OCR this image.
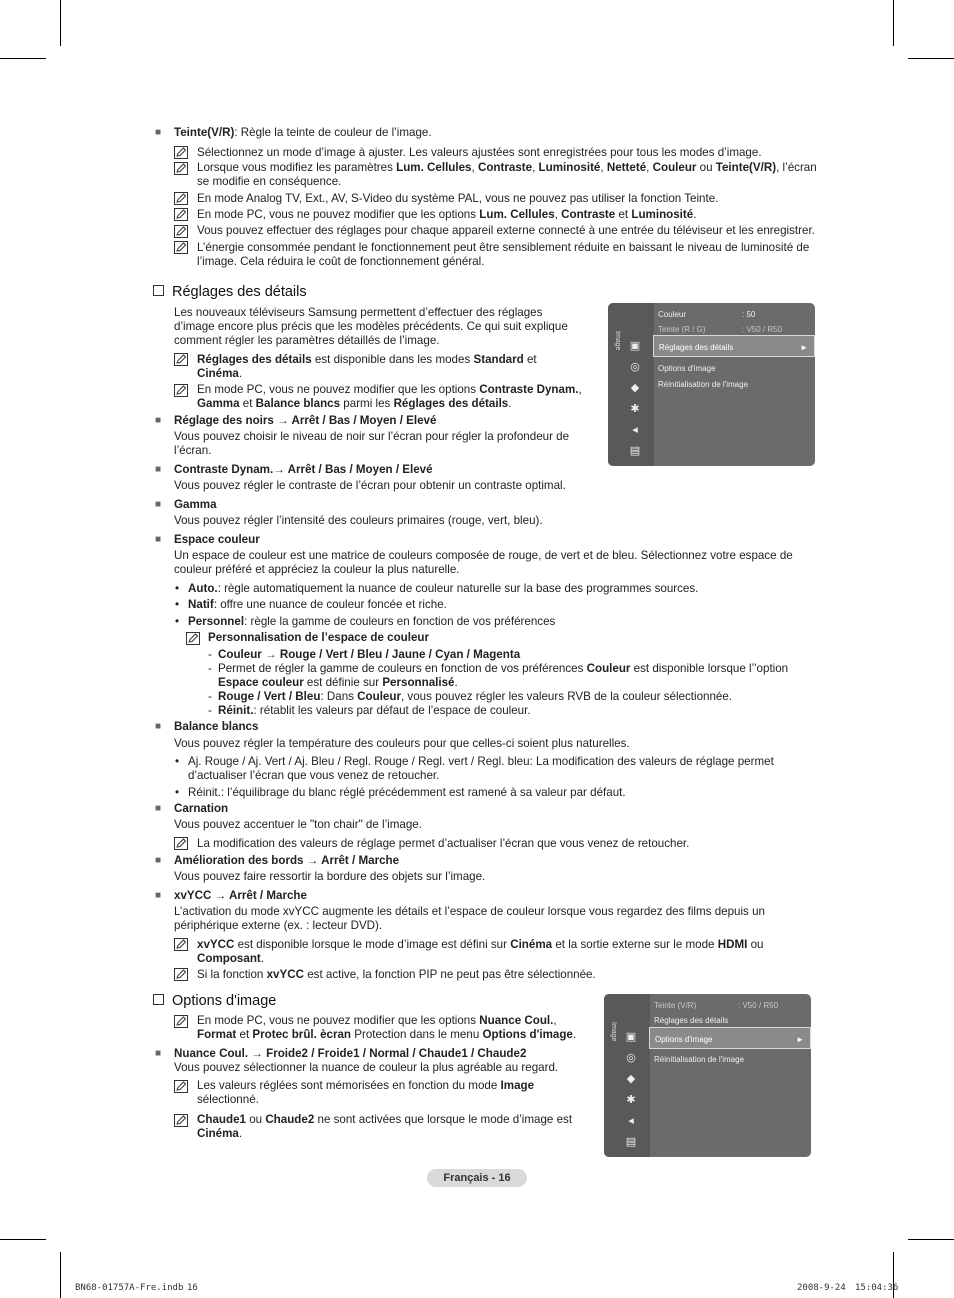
■ Teinte(V/R): Règle la teinte de couleur de l’image.
Sélectionnez un mode d’image à ajuster. Les valeurs ajustées sont enregistrées pour tous les modes d’image.
Lorsque vous modifiez les paramètres Lum. Cellules, Contraste, Luminosité, Netteté, Couleur ou Teinte(V/R), l’écran
se modifie en conséquence.
En mode Analog TV, Ext., AV, S-Video du système PAL, vous ne pouvez pas utiliser la fonction Teinte.
En mode PC, vous ne pouvez modifier que les options Lum. Cellules, Contraste et Luminosité.
Vous pouvez effectuer des réglages pour chaque appareil externe connecté à une entrée du téléviseur et les enregistrer.
L’énergie consommée pendant le fonctionnement peut être sensiblement réduite en baissant le niveau de luminosité de
l’image. Cela réduira le coût de fonctionnement général.
Réglages des détails
Les nouveaux téléviseurs Samsung permettent d’effectuer des réglages
d’image encore plus précis que les modèles précédents. Ce qui suit explique
comment régler les paramètres détaillés de l’image.
Réglages des détails est disponible dans les modes Standard et
Cinéma.
En mode PC, vous ne pouvez modifier que les options Contraste Dynam.,
Gamma et Balance blancs parmi les Réglages des détails.
■ Réglage des noirs → Arrêt / Bas / Moyen / Elevé
Vous pouvez choisir le niveau de noir sur l’écran pour régler la profondeur de
l’écran.
■ Contraste Dynam.→ Arrêt / Bas / Moyen / Elevé
Vous pouvez régler le contraste de l’écran pour obtenir un contraste optimal.
■ Gamma
Vous pouvez régler l’intensité des couleurs primaires (rouge, vert, bleu).
■ Espace couleur
Un espace de couleur est une matrice de couleurs composée de rouge, de vert et de bleu. Sélectionnez votre espace de
couleur préféré et appréciez la couleur la plus naturelle.
• Auto.: règle automatiquement la nuance de couleur naturelle sur la base des programmes sources.
• Natif: offre une nuance de couleur foncée et riche.
• Personnel: règle la gamme de couleurs en fonction de vos préférences
Personnalisation de l’espace de couleur
- Couleur → Rouge / Vert / Bleu / Jaune / Cyan / Magenta
- Permet de régler la gamme de couleurs en fonction de vos préférences Couleur est disponible lorsque l’’option
Espace couleur est définie sur Personnalisé.
- Rouge / Vert / Bleu: Dans Couleur, vous pouvez régler les valeurs RVB de la couleur sélectionnée.
- Réinit.: rétablit les valeurs par défaut de l’espace de couleur.
■ Balance blancs
Vous pouvez régler la température des couleurs pour que celles-ci soient plus naturelles.
• Aj. Rouge / Aj. Vert / Aj. Bleu / Regl. Rouge / Regl. vert / Regl. bleu: La modification des valeurs de réglage permet
d’actualiser l’écran que vous venez de retoucher.
• Réinit.: l’équilibrage du blanc réglé précédemment est ramené à sa valeur par défaut.
■ Carnation
Vous pouvez accentuer le "ton chair" de l’image.
La modification des valeurs de réglage permet d’actualiser l’écran que vous venez de retoucher.
■ Amélioration des bords → Arrêt / Marche
Vous pouvez faire ressortir la bordure des objets sur l’image.
■ xvYCC → Arrêt / Marche
L’activation du mode xvYCC augmente les détails et l’espace de couleur lorsque vous regardez des films depuis un
périphérique externe (ex. : lecteur DVD).
xvYCC est disponible lorsque le mode d’image est défini sur Cinéma et la sortie externe sur le mode HDMI ou
Composant.
Si la fonction xvYCC est active, la fonction PIP ne peut pas être sélectionnée.
Options d'image
En mode PC, vous ne pouvez modifier que les options Nuance Coul.,
Format et Protec brûl. ècran Protection dans le menu Options d'image.
■ Nuance Coul. → Froide2 / Froide1 / Normal / Chaude1 / Chaude2
Vous pouvez sélectionner la nuance de couleur la plus agréable au regard.
Les valeurs réglées sont mémorisées en fonction du mode Image
sélectionné.
Chaude1 ou Chaude2 ne sont activées que lorsque le mode d’image est
Cinéma.
Image ▣
◎
◆
✱
◂
▤
Couleur	: 50
Teinte (R / G)	: V50 / R50
Réglages des détails	►
Options d'image
Réinitialisation de l'image
Image ▣
◎
◆
✱
◂
▤
Teinte (V/R)	: V50 / R50
Réglages des détails
Options d'image	►
Réinitialisation de l'image
Français - 16
BN68-01757A-Fre.indb 16	2008-9-24 15:04:36
